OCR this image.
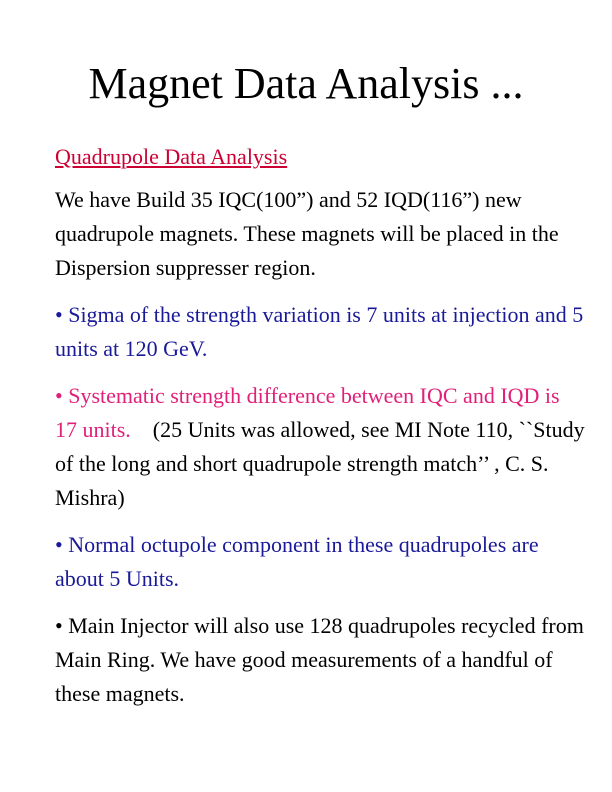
Magnet Data Analysis ...
Quadrupole Data Analysis
We have Build 35 IQC(100”) and 52 IQD(116”) new quadrupole magnets. These magnets will be placed in the Dispersion suppresser region.
• Sigma of the strength variation is 7 units at injection and 5 units at 120 GeV.
• Systematic strength difference between IQC and IQD is 17 units. (25 Units was allowed, see MI Note 110, ``Study of the long and short quadrupole strength match’’ , C. S. Mishra)
• Normal octupole component in these quadrupoles are about 5 Units.
• Main Injector will also use 128 quadrupoles recycled from Main Ring. We have good measurements of a handful of these magnets.
